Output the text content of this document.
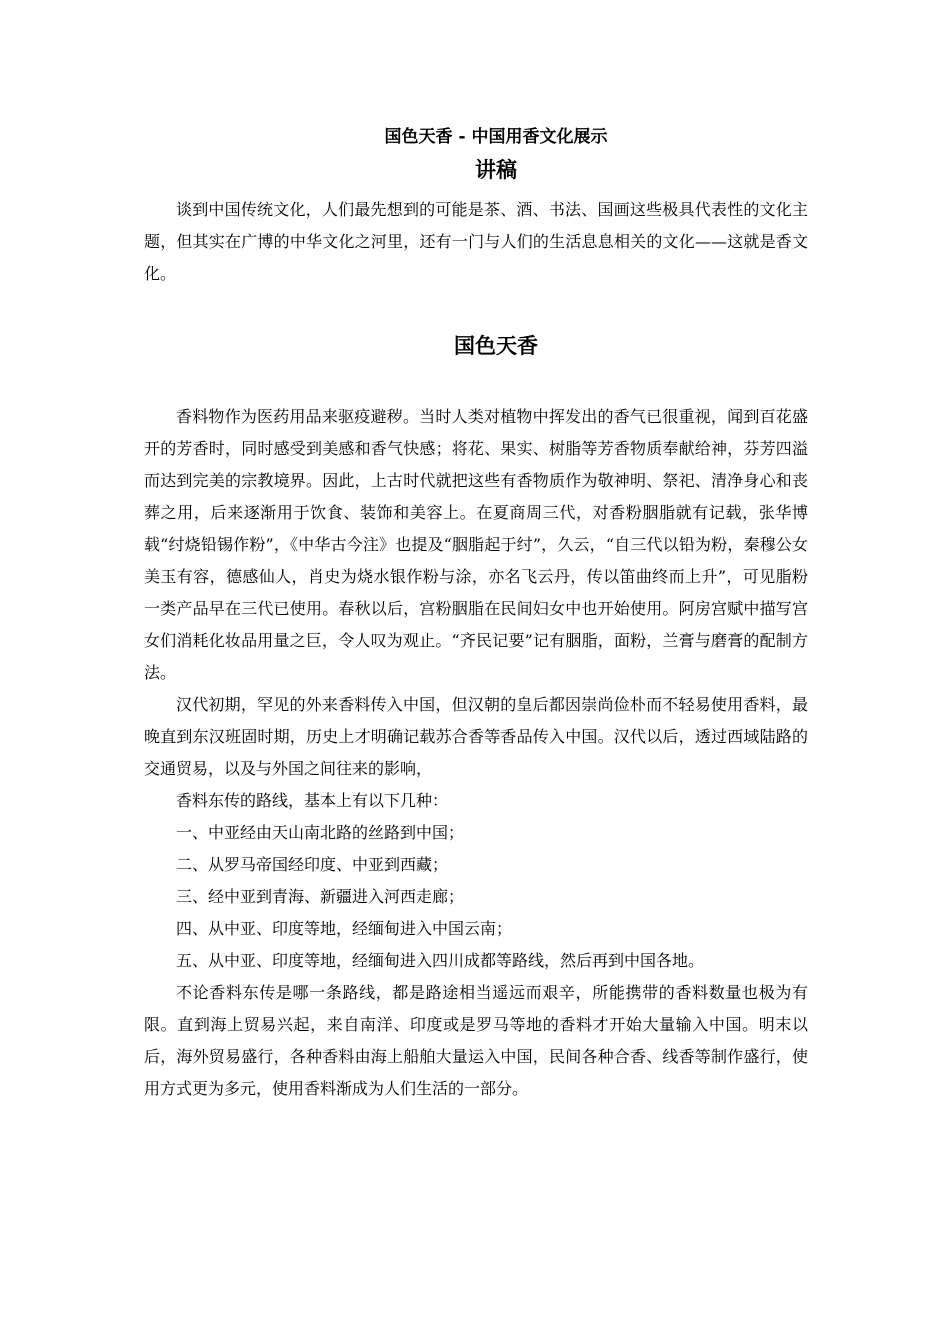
国色天香 - 中国用香文化展示
讲稿

谈到中国传统文化，人们最先想到的可能是茶、酒、书法、国画这些极具代表性的文化主题，但其实在广博的中华文化之河里，还有一门与人们的生活息息相关的文化——这就是香文化。

国色天香

香料物作为医药用品来驱疫避秽。当时人类对植物中挥发出的香气已很重视，闻到百花盛开的芳香时，同时感受到美感和香气快感；将花、果实、树脂等芳香物质奉献给神，芬芳四溢而达到完美的宗教境界。因此，上古时代就把这些有香物质作为敬神明、祭祀、清净身心和丧葬之用，后来逐渐用于饮食、装饰和美容上。在夏商周三代，对香粉胭脂就有记载，张华博载“纣烧铅锡作粉”，《中华古今注》也提及“胭脂起于纣”，久云，“自三代以铅为粉，秦穆公女美玉有容，德感仙人，肖史为烧水银作粉与涂，亦名飞云丹，传以笛曲终而上升”，可见脂粉一类产品早在三代已使用。春秋以后，宫粉胭脂在民间妇女中也开始使用。阿房宫赋中描写宫女们消耗化妆品用量之巨，令人叹为观止。“齐民记要”记有胭脂，面粉，兰膏与磨膏的配制方法。

汉代初期，罕见的外来香料传入中国，但汉朝的皇后都因崇尚俭朴而不轻易使用香料，最晚直到东汉班固时期，历史上才明确记载苏合香等香品传入中国。汉代以后，透过西域陆路的交通贸易，以及与外国之间往来的影响，

香料东传的路线，基本上有以下几种：

一、中亚经由天山南北路的丝路到中国；

二、从罗马帝国经印度、中亚到西藏；

三、经中亚到青海、新疆进入河西走廊；

四、从中亚、印度等地，经缅甸进入中国云南；

五、从中亚、印度等地，经缅甸进入四川成都等路线，然后再到中国各地。

不论香料东传是哪一条路线，都是路途相当遥远而艰辛，所能携带的香料数量也极为有限。直到海上贸易兴起，来自南洋、印度或是罗马等地的香料才开始大量输入中国。明末以后，海外贸易盛行，各种香料由海上船舶大量运入中国，民间各种合香、线香等制作盛行，使用方式更为多元，使用香料渐成为人们生活的一部分。
